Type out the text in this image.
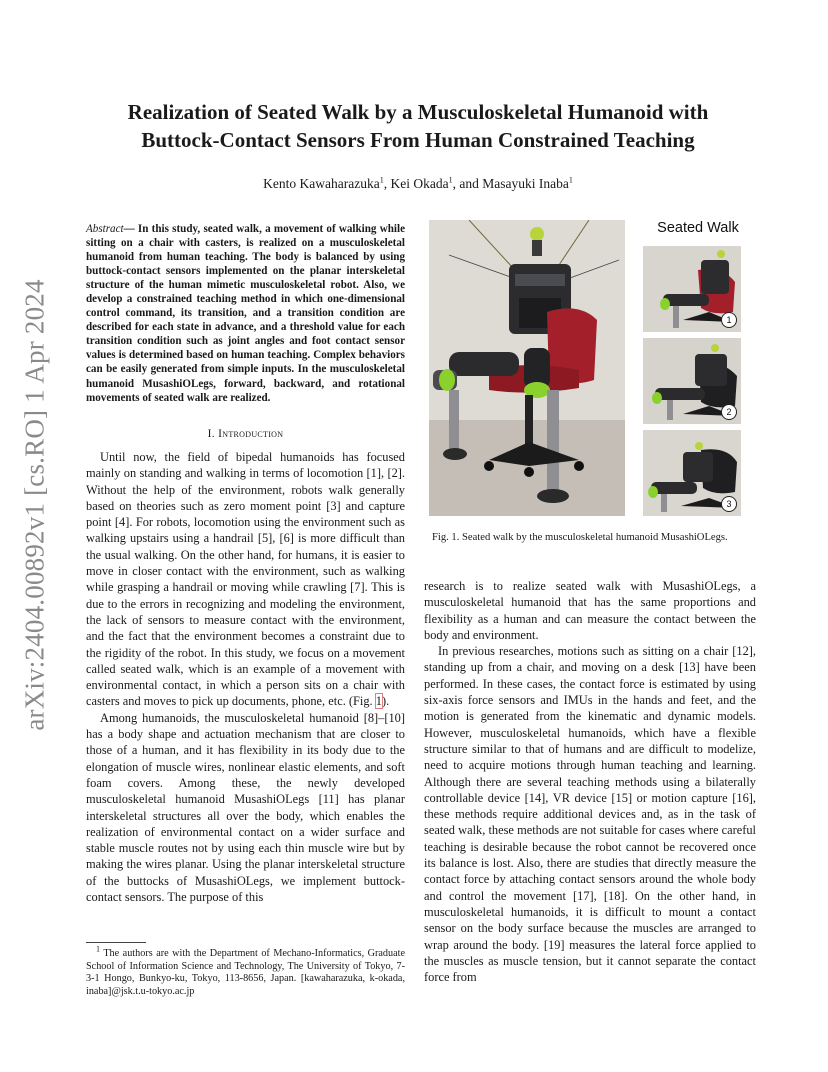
arXiv:2404.00892v1 [cs.RO] 1 Apr 2024
Realization of Seated Walk by a Musculoskeletal Humanoid with
Buttock-Contact Sensors From Human Constrained Teaching
Kento Kawaharazuka$^1$, Kei Okada$^1$, and Masayuki Inaba$^1$

Abstract— In this study, seated walk, a movement of walking while sitting on a chair with casters, is realized on a musculoskeletal humanoid from human teaching. The body is balanced by using buttock-contact sensors implemented on the planar interskeletal structure of the human mimetic musculoskeletal robot. Also, we develop a constrained teaching method in which one-dimensional control command, its transition, and a transition condition are described for each state in advance, and a threshold value for each transition condition such as joint angles and foot contact sensor values is determined based on human teaching. Complex behaviors can be easily generated from simple inputs. In the musculoskeletal humanoid MusashiOLegs, forward, backward, and rotational movements of seated walk are realized.

I. Introduction

Until now, the field of bipedal humanoids has focused mainly on standing and walking in terms of locomotion [1], [2]. Without the help of the environment, robots walk generally based on theories such as zero moment point [3] and capture point [4]. For robots, locomotion using the environment such as walking upstairs using a handrail [5], [6] is more difficult than the usual walking. On the other hand, for humans, it is easier to move in closer contact with the environment, such as walking while grasping a handrail or moving while crawling [7]. This is due to the errors in recognizing and modeling the environment, the lack of sensors to measure contact with the environment, and the fact that the environment becomes a constraint due to the rigidity of the robot. In this study, we focus on a movement called seated walk, which is an example of a movement with environmental contact, in which a person sits on a chair with casters and moves to pick up documents, phone, etc. (Fig. 1).

Among humanoids, the musculoskeletal humanoid [8]–[10] has a body shape and actuation mechanism that are closer to those of a human, and it has flexibility in its body due to the elongation of muscle wires, nonlinear elastic elements, and soft foam covers. Among these, the newly developed musculoskeletal humanoid MusashiOLegs [11] has planar interskeletal structures all over the body, which enables the realization of environmental contact on a wider surface and stable muscle routes not by using each thin muscle wire but by making the wires planar. Using the planar interskeletal structure of the buttocks of MusashiOLegs, we implement buttock-contact sensors. The purpose of this

$^1$ The authors are with the Department of Mechano-Informatics, Graduate School of Information Science and Technology, The University of Tokyo, 7-3-1 Hongo, Bunkyo-ku, Tokyo, 113-8656, Japan. [kawaharazuka, k-okada, inaba]@jsk.t.u-tokyo.ac.jp

Seated Walk
1
2
3
Fig. 1. Seated walk by the musculoskeletal humanoid MusashiOLegs.

research is to realize seated walk with MusashiOLegs, a musculoskeletal humanoid that has the same proportions and flexibility as a human and can measure the contact between the body and environment.

In previous researches, motions such as sitting on a chair [12], standing up from a chair, and moving on a desk [13] have been performed. In these cases, the contact force is estimated by using six-axis force sensors and IMUs in the hands and feet, and the motion is generated from the kinematic and dynamic models. However, musculoskeletal humanoids, which have a flexible structure similar to that of humans and are difficult to modelize, need to acquire motions through human teaching and learning. Although there are several teaching methods using a bilaterally controllable device [14], VR device [15] or motion capture [16], these methods require additional devices and, as in the task of seated walk, these methods are not suitable for cases where careful teaching is desirable because the robot cannot be recovered once its balance is lost. Also, there are studies that directly measure the contact force by attaching contact sensors around the whole body and control the movement [17], [18]. On the other hand, in musculoskeletal humanoids, it is difficult to mount a contact sensor on the body surface because the muscles are arranged to wrap around the body. [19] measures the lateral force applied to the muscles as muscle tension, but it cannot separate the contact force from
